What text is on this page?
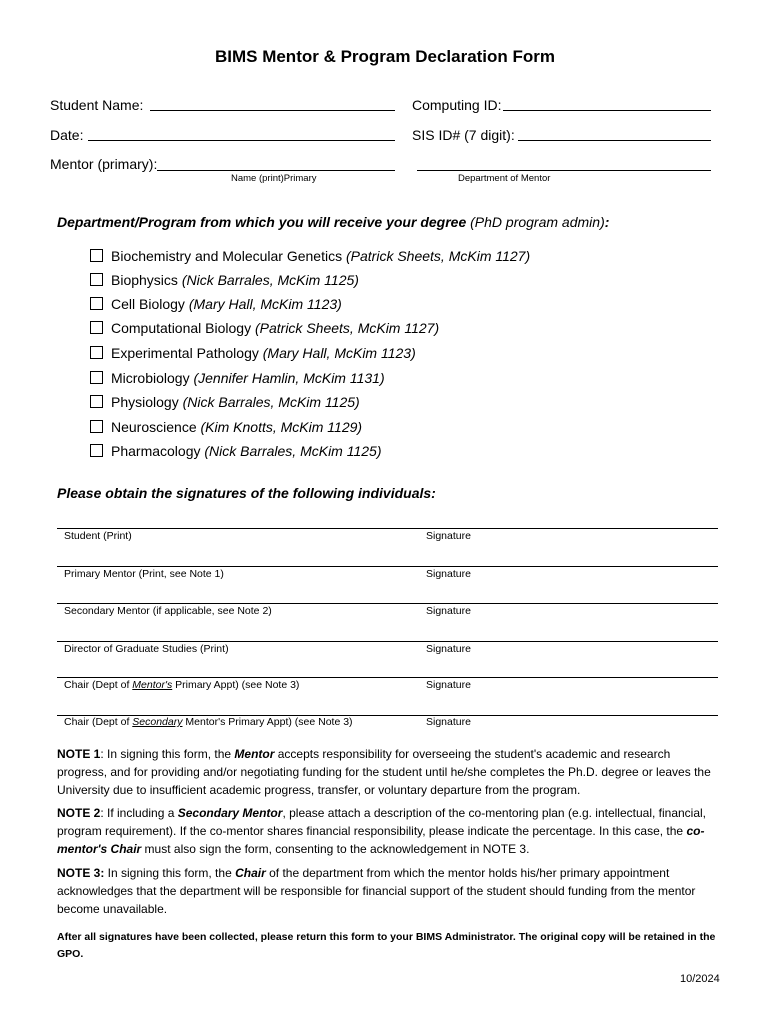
BIMS Mentor & Program Declaration Form
Student Name:	Computing ID:
Date:	SIS ID# (7 digit):
Mentor (primary):
Name (print)Primary	Department of Mentor
Department/Program from which you will receive your degree (PhD program admin):
Biochemistry and Molecular Genetics (Patrick Sheets, McKim 1127)
Biophysics (Nick Barrales, McKim 1125)
Cell Biology (Mary Hall, McKim 1123)
Computational Biology (Patrick Sheets, McKim 1127)
Experimental Pathology (Mary Hall, McKim 1123)
Microbiology (Jennifer Hamlin, McKim 1131)
Physiology (Nick Barrales, McKim 1125)
Neuroscience (Kim Knotts, McKim 1129)
Pharmacology (Nick Barrales, McKim 1125)
Please obtain the signatures of the following individuals:
Student (Print)	Signature
Primary Mentor (Print, see Note 1)	Signature
Secondary Mentor (if applicable, see Note 2)	Signature
Director of Graduate Studies (Print)	Signature
Chair (Dept of Mentor's Primary Appt) (see Note 3)	Signature
Chair (Dept of Secondary Mentor's Primary Appt) (see Note 3)	Signature
NOTE 1: In signing this form, the Mentor accepts responsibility for overseeing the student's academic and research progress, and for providing and/or negotiating funding for the student until he/she completes the Ph.D. degree or leaves the University due to insufficient academic progress, transfer, or voluntary departure from the program.
NOTE 2: If including a Secondary Mentor, please attach a description of the co-mentoring plan (e.g. intellectual, financial, program requirement). If the co-mentor shares financial responsibility, please indicate the percentage. In this case, the co-mentor's Chair must also sign the form, consenting to the acknowledgement in NOTE 3.
NOTE 3: In signing this form, the Chair of the department from which the mentor holds his/her primary appointment acknowledges that the department will be responsible for financial support of the student should funding from the mentor become unavailable.
After all signatures have been collected, please return this form to your BIMS Administrator. The original copy will be retained in the GPO.
10/2024
